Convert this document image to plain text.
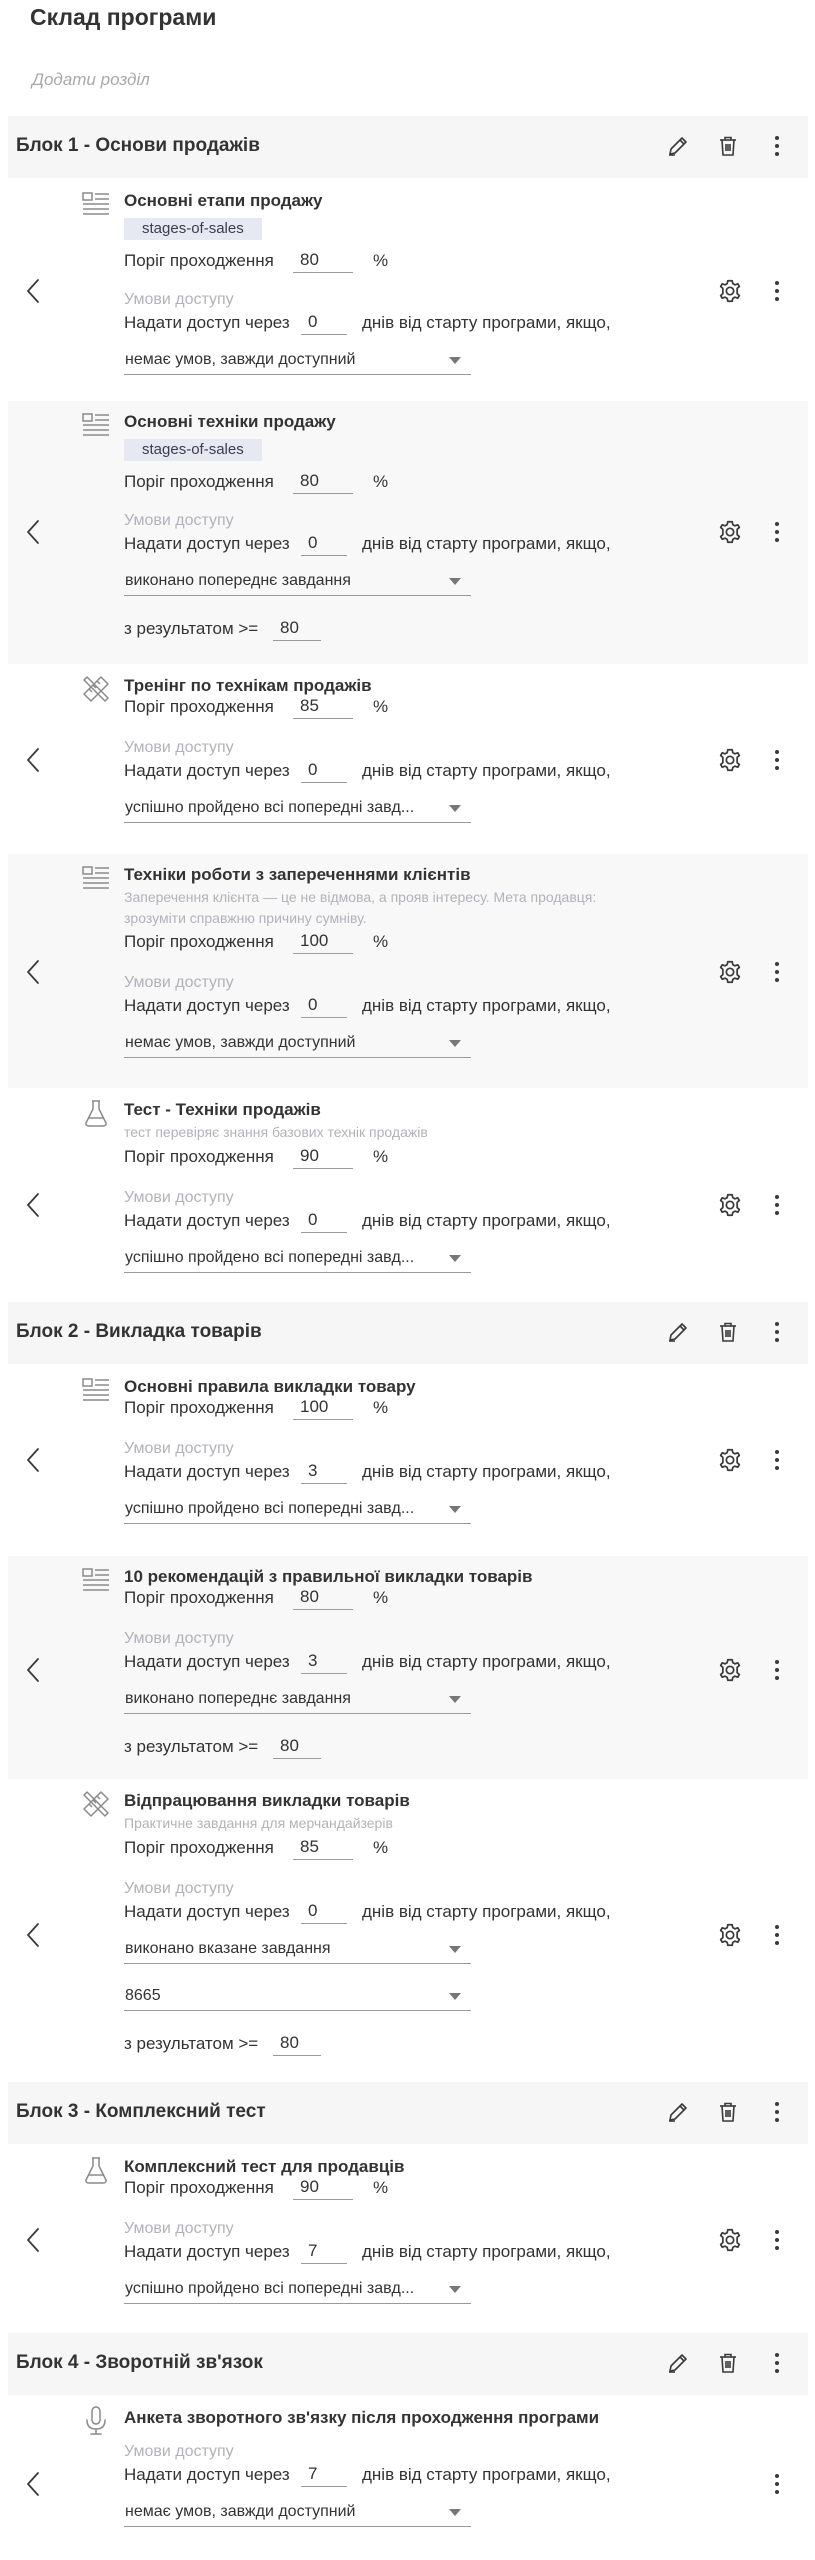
Склад програми
Додати розділ
Блок 1 - Основи продажів
Основні етапи продажу
stages-of-sales
Поріг проходження
80	%
Умови доступу
Надати доступ через
0	днів від старту програми, якщо,
немає умов, завжди доступний
Основні техніки продажу
stages-of-sales
Поріг проходження
80	%
Умови доступу
Надати доступ через
0	днів від старту програми, якщо,
виконано попереднє завдання
з результатом >=
80
Тренінг по технікам продажів
Поріг проходження
85	%
Умови доступу
Надати доступ через
0	днів від старту програми, якщо,
успішно пройдено всі попередні завд...
Техніки роботи з запереченнями клієнтів
Заперечення клієнта — це не відмова, а прояв інтересу. Мета продавця: зрозуміти справжню причину сумніву.
Поріг проходження
100	%
Умови доступу
Надати доступ через
0	днів від старту програми, якщо,
немає умов, завжди доступний
Тест - Техніки продажів
тест перевіряє знання базових технік продажів
Поріг проходження
90	%
Умови доступу
Надати доступ через
0	днів від старту програми, якщо,
успішно пройдено всі попередні завд...
Блок 2 - Викладка товарів
Основні правила викладки товару
Поріг проходження
100	%
Умови доступу
Надати доступ через
3	днів від старту програми, якщо,
успішно пройдено всі попередні завд...
10 рекомендацій з правильної викладки товарів
Поріг проходження
80	%
Умови доступу
Надати доступ через
3	днів від старту програми, якщо,
виконано попереднє завдання
з результатом >=
80
Відпрацювання викладки товарів
Практичне завдання для мерчандайзерів
Поріг проходження
85	%
Умови доступу
Надати доступ через
0	днів від старту програми, якщо,
виконано вказане завдання
8665
з результатом >=
80
Блок 3 - Комплексний тест
Комплексний тест для продавців
Поріг проходження
90	%
Умови доступу
Надати доступ через
7	днів від старту програми, якщо,
успішно пройдено всі попередні завд...
Блок 4 - Зворотній зв'язок
Анкета зворотного зв'язку після проходження програми
Умови доступу
Надати доступ через
7	днів від старту програми, якщо,
немає умов, завжди доступний
